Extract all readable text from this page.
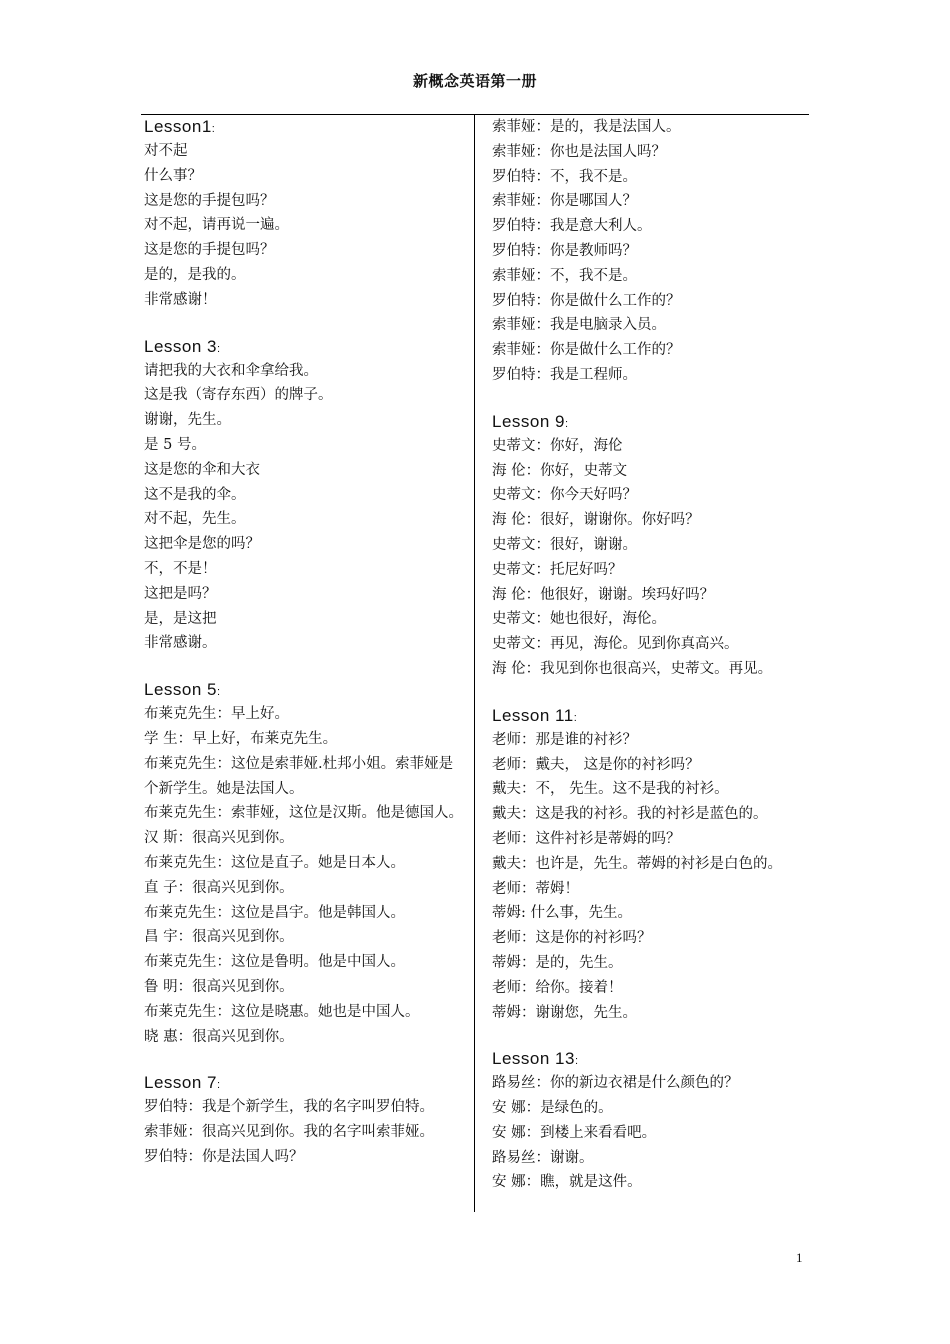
新概念英语第一册
Lesson1:

对不起

什么事？

这是您的手提包吗？

对不起，请再说一遍。

这是您的手提包吗？

是的，是我的。

非常感谢！

Lesson 3:

请把我的大衣和伞拿给我。

这是我（寄存东西）的牌子。

谢谢，先生。

是 5 号。

这是您的伞和大衣

这不是我的伞。

对不起，先生。

这把伞是您的吗？

不，不是！

这把是吗？

是，是这把

非常感谢。

Lesson 5:

布莱克先生：早上好。

学 生：早上好，布莱克先生。

布莱克先生：这位是索菲娅.杜邦小姐。索菲娅是个新学生。她是法国人。

布莱克先生：索菲娅，这位是汉斯。他是德国人。

汉 斯：很高兴见到你。

布莱克先生：这位是直子。她是日本人。

直 子：很高兴见到你。

布莱克先生：这位是昌宇。他是韩国人。

昌 宇：很高兴见到你。

布莱克先生：这位是鲁明。他是中国人。

鲁 明：很高兴见到你。

布莱克先生：这位是晓惠。她也是中国人。

晓 惠：很高兴见到你。

Lesson 7:

罗伯特：我是个新学生，我的名字叫罗伯特。

索菲娅：很高兴见到你。我的名字叫索菲娅。

罗伯特：你是法国人吗？

索菲娅：是的，我是法国人。

索菲娅：你也是法国人吗？

罗伯特：不，我不是。

索菲娅：你是哪国人？

罗伯特：我是意大利人。

罗伯特：你是教师吗？

索菲娅：不，我不是。

罗伯特：你是做什么工作的？

索菲娅：我是电脑录入员。

索菲娅：你是做什么工作的？

罗伯特：我是工程师。

Lesson 9:

史蒂文：你好，海伦

海 伦：你好，史蒂文

史蒂文：你今天好吗？

海 伦：很好，谢谢你。你好吗？

史蒂文：很好，谢谢。

史蒂文：托尼好吗？

海 伦：他很好，谢谢。埃玛好吗？

史蒂文：她也很好，海伦。

史蒂文：再见，海伦。见到你真高兴。

海 伦：我见到你也很高兴，史蒂文。再见。

Lesson 11:

老师：那是谁的衬衫？

老师：戴夫， 这是你的衬衫吗？

戴夫：不， 先生。这不是我的衬衫。

戴夫：这是我的衬衫。我的衬衫是蓝色的。

老师：这件衬衫是蒂姆的吗？

戴夫：也许是，先生。蒂姆的衬衫是白色的。

老师：蒂姆！

蒂姆: 什么事，先生。

老师：这是你的衬衫吗？

蒂姆：是的，先生。

老师：给你。接着！

蒂姆：谢谢您，先生。

Lesson 13:

路易丝：你的新边衣裙是什么颜色的？

安 娜：是绿色的。

安 娜：到楼上来看看吧。

路易丝：谢谢。

安 娜：瞧，就是这件。

1
